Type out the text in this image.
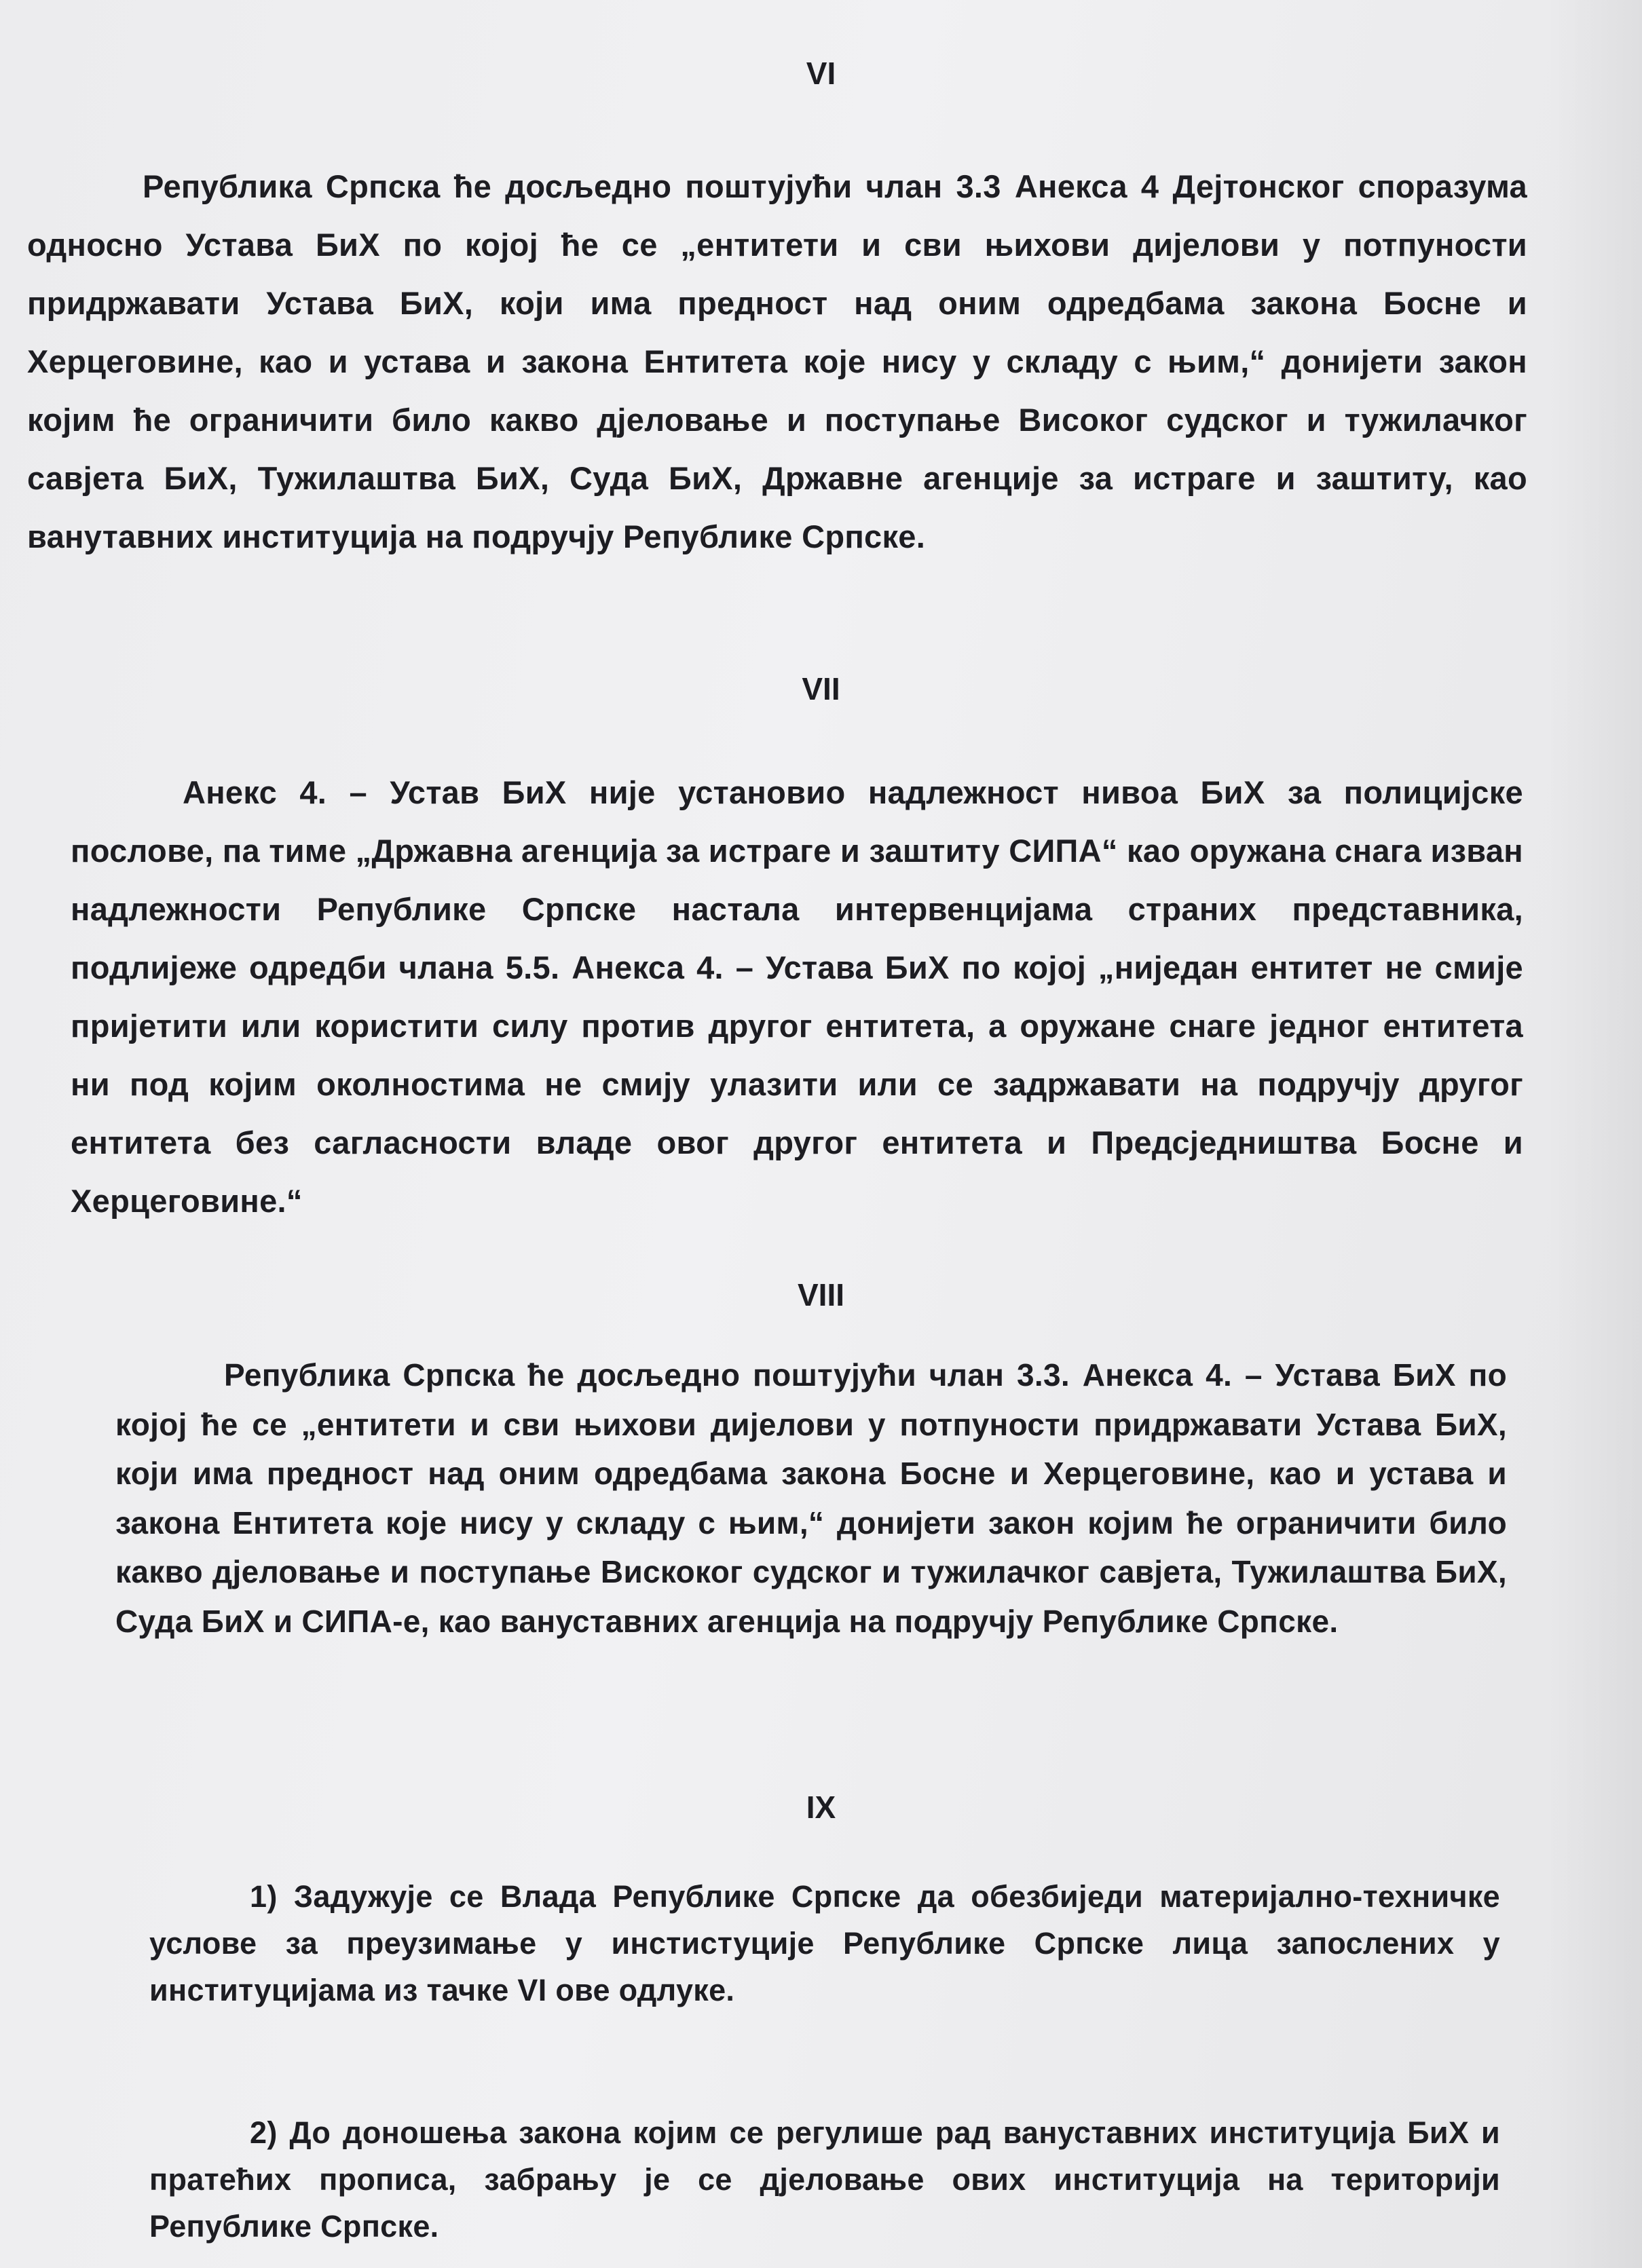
VI

Република Српска ће досљедно поштујући члан 3.3 Анекса 4 Дејтонског споразума односно Устава БиХ по којој ће се „ентитети и сви њихови дијелови у потпуности придржавати Устава БиХ, који има предност над оним одредбама закона Босне и Херцеговине, као и устава и закона Ентитета које нису у складу с њим,“ донијети закон којим ће ограничити било какво дјеловање и поступање Високог судског и тужилачког савјета БиХ, Тужилаштва БиХ, Суда БиХ, Државне агенције за истраге и заштиту, као ванутавних институција на подручју Републике Српске.

VII

Анекс 4. – Устав БиХ није установио надлежност нивоа БиХ за полицијске послове, па тиме „Државна агенција за истраге и заштиту СИПА“ као оружана снага изван надлежности Републике Српске настала интервенцијама страних представника, подлијеже одредби члана 5.5. Анекса 4. – Устава БиХ по којој „ниједан ентитет не смије пријетити или користити силу против другог ентитета, а оружане снаге једног ентитета ни под којим околностима не смију улазити или се задржавати на подручју другог ентитета без сагласности владе овог другог ентитета и Предсједништва Босне и Херцеговине.“

VIII

Република Српска ће досљедно поштујући члан 3.3. Анекса 4. – Устава БиХ по којој ће се „ентитети и сви њихови дијелови у потпуности придржавати Устава БиХ, који има предност над оним одредбама закона Босне и Херцеговине, као и устава и закона Ентитета које нису у складу с њим,“ донијети закон којим ће ограничити било какво дјеловање и поступање Вискоког судског и тужилачког савјета, Тужилаштва БиХ, Суда БиХ и СИПА-е, као ванустaвних агенција на подручју Републике Српске.

IX

1) Задужује се Влада Републике Српске да обезбиједи материјално-техничке услове за преузимање у инстиcтуције Републике Српске лица запослених у институцијама из тачке VI ове одлуке.

2) До доношења закона којим се регулише рад ванустaвних институција БиХ и пратећих прописа, забрању је се дјеловање ових институција на територији Републике Српске.
